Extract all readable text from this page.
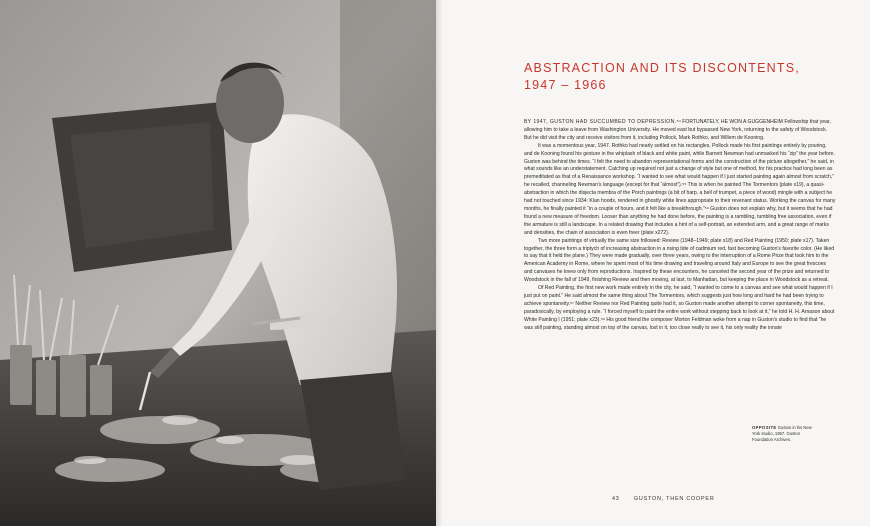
ABSTRACTION AND ITS DISCONTENTS,
1947 – 1966

BY 1947, GUSTON HAD SUCCUMBED TO DEPRESSION.⁵⁴ FORTUNATELY, HE WON A GUGGENHEIM Fellowship that year, allowing him to take a leave from Washington University. He moved east but bypassed New York, returning to the safety of Woodstock. But he did visit the city and receive visitors from it, including Pollock, Mark Rothko, and Willem de Kooning.

It was a momentous year, 1947. Rothko had nearly settled on his rectangles, Pollock made his first paintings entirely by pouring, and de Kooning found his gesture in the whiplash of black and white paint, while Barnett Newman had unmasked his “zip” the year before. Guston was behind the times. “I felt the need to abandon representational forms and the construction of the picture altogether,” he said, in what sounds like an understatement. Catching up required not just a change of style but one of method, for his practice had long been as premeditated as that of a Renaissance workshop. “I wanted to see what would happen if I just started painting again almost from scratch,” he recalled, channeling Newman's language (except for that “almost”).⁵⁵ This is when he painted The Tormentors (plate x19), a quasi-abstraction in which the disjecta membra of the Porch paintings (a bit of harp, a bell of trumpet, a piece of wood) mingle with a subject he had not touched since 1934: Klan hoods, rendered in ghostly white lines appropriate to their revenant status. Working the canvas for many months, he finally painted it “in a couple of hours, and it felt like a breakthrough.”⁵⁶ Guston does not explain why, but it seems that he had found a new measure of freedom. Looser than anything he had done before, the painting is a rambling, tumbling free association, even if the armature is still a landscape. In a related drawing that includes a hint of a self-portrait, an extended arm, and a great range of marks and densities, the chain of association is even freer (plate x272).

Two more paintings of virtually the same size followed: Review (1948–1949; plate x18) and Red Painting (1950; plate x17). Taken together, the three form a triptych of increasing abstraction in a rising tide of cadmium red, fast becoming Guston's favorite color. (He liked to say that it held the plane.) They were made gradually, over three years, owing to the interruption of a Rome Prize that took him to the American Academy in Rome, where he spent most of his time drawing and traveling around Italy and Europe to see the great frescoes and canvases he knew only from reproductions. Inspired by these encounters, he canceled the second year of the prize and returned to Woodstock in the fall of 1949, finishing Review and then moving, at last, to Manhattan, but keeping the place in Woodstock as a retreat.

Of Red Painting, the first new work made entirely in the city, he said, “I wanted to come to a canvas and see what would happen if I just put on paint.” He said almost the same thing about The Tormentors, which suggests just how long and hard he had been trying to achieve spontaneity.⁵⁷ Neither Review nor Red Painting quite had it, so Guston made another attempt to corner spontaneity, this time, paradoxically, by employing a rule. “I forced myself to paint the entire work without stepping back to look at it,” he told H. H. Arnason about White Painting I (1951; plate x23).⁵⁸ His good friend the composer Morton Feldman woke from a nap in Guston's studio to find that “he was still painting, standing almost on top of the canvas, lost in it, too close really to see it, his only reality the innate

OPPOSITE Guston in his New York studio, 1957. Guston Foundation Archives.
43	GUSTON, THEN COOPER
